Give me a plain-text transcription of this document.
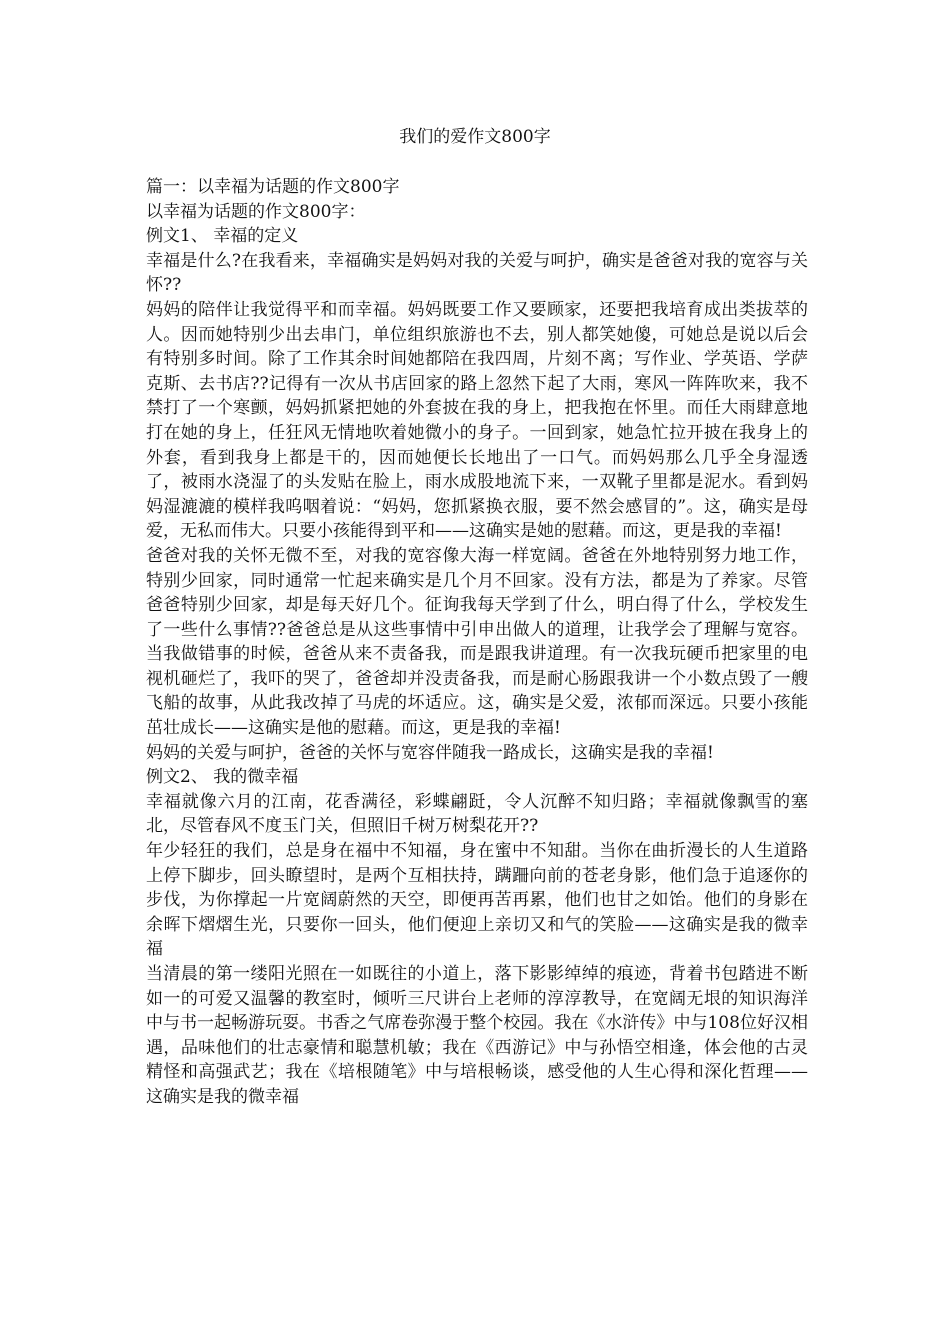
我们的爱作文800字

篇一：以幸福为话题的作文800字

以幸福为话题的作文800字：

例文1、 幸福的定义

幸福是什么?在我看来，幸福确实是妈妈对我的关爱与呵护，确实是爸爸对我的宽容与关怀??

妈妈的陪伴让我觉得平和而幸福。妈妈既要工作又要顾家，还要把我培育成出类拔萃的人。因而她特别少出去串门，单位组织旅游也不去，别人都笑她傻，可她总是说以后会有特别多时间。除了工作其余时间她都陪在我四周，片刻不离；写作业、学英语、学萨克斯、去书店??记得有一次从书店回家的路上忽然下起了大雨，寒风一阵阵吹来，我不禁打了一个寒颤，妈妈抓紧把她的外套披在我的身上，把我抱在怀里。而任大雨肆意地打在她的身上，任狂风无情地吹着她微小的身子。一回到家，她急忙拉开披在我身上的外套，看到我身上都是干的，因而她便长长地出了一口气。而妈妈那么几乎全身湿透了，被雨水浇湿了的头发贴在脸上，雨水成股地流下来，一双靴子里都是泥水。看到妈妈湿漉漉的模样我呜咽着说：“妈妈，您抓紧换衣服，要不然会感冒的”。这，确实是母爱，无私而伟大。只要小孩能得到平和——这确实是她的慰藉。而这，更是我的幸福!

爸爸对我的关怀无微不至，对我的宽容像大海一样宽阔。爸爸在外地特别努力地工作，特别少回家，同时通常一忙起来确实是几个月不回家。没有方法，都是为了养家。尽管爸爸特别少回家，却是每天好几个。征询我每天学到了什么，明白得了什么，学校发生了一些什么事情??爸爸总是从这些事情中引申出做人的道理，让我学会了理解与宽容。当我做错事的时候，爸爸从来不责备我，而是跟我讲道理。有一次我玩硬币把家里的电视机砸烂了，我吓的哭了，爸爸却并没责备我，而是耐心肠跟我讲一个小数点毁了一艘飞船的故事，从此我改掉了马虎的坏适应。这，确实是父爱，浓郁而深远。只要小孩能茁壮成长——这确实是他的慰藉。而这，更是我的幸福!

妈妈的关爱与呵护，爸爸的关怀与宽容伴随我一路成长，这确实是我的幸福!

例文2、 我的微幸福

幸福就像六月的江南，花香满径，彩蝶翩跹，令人沉醉不知归路；幸福就像飘雪的塞北，尽管春风不度玉门关，但照旧千树万树梨花开??

年少轻狂的我们，总是身在福中不知福，身在蜜中不知甜。当你在曲折漫长的人生道路上停下脚步，回头瞭望时，是两个互相扶持，蹒跚向前的苍老身影，他们急于追逐你的步伐，为你撑起一片宽阔蔚然的天空，即便再苦再累，他们也甘之如饴。他们的身影在余晖下熠熠生光，只要你一回头，他们便迎上亲切又和气的笑脸——这确实是我的微幸福

当清晨的第一缕阳光照在一如既往的小道上，落下影影绰绰的痕迹，背着书包踏进不断如一的可爱又温馨的教室时，倾听三尺讲台上老师的淳淳教导，在宽阔无垠的知识海洋中与书一起畅游玩耍。书香之气席卷弥漫于整个校园。我在《水浒传》中与108位好汉相遇，品味他们的壮志豪情和聪慧机敏；我在《西游记》中与孙悟空相逢，体会他的古灵精怪和高强武艺；我在《培根随笔》中与培根畅谈，感受他的人生心得和深化哲理——这确实是我的微幸福
